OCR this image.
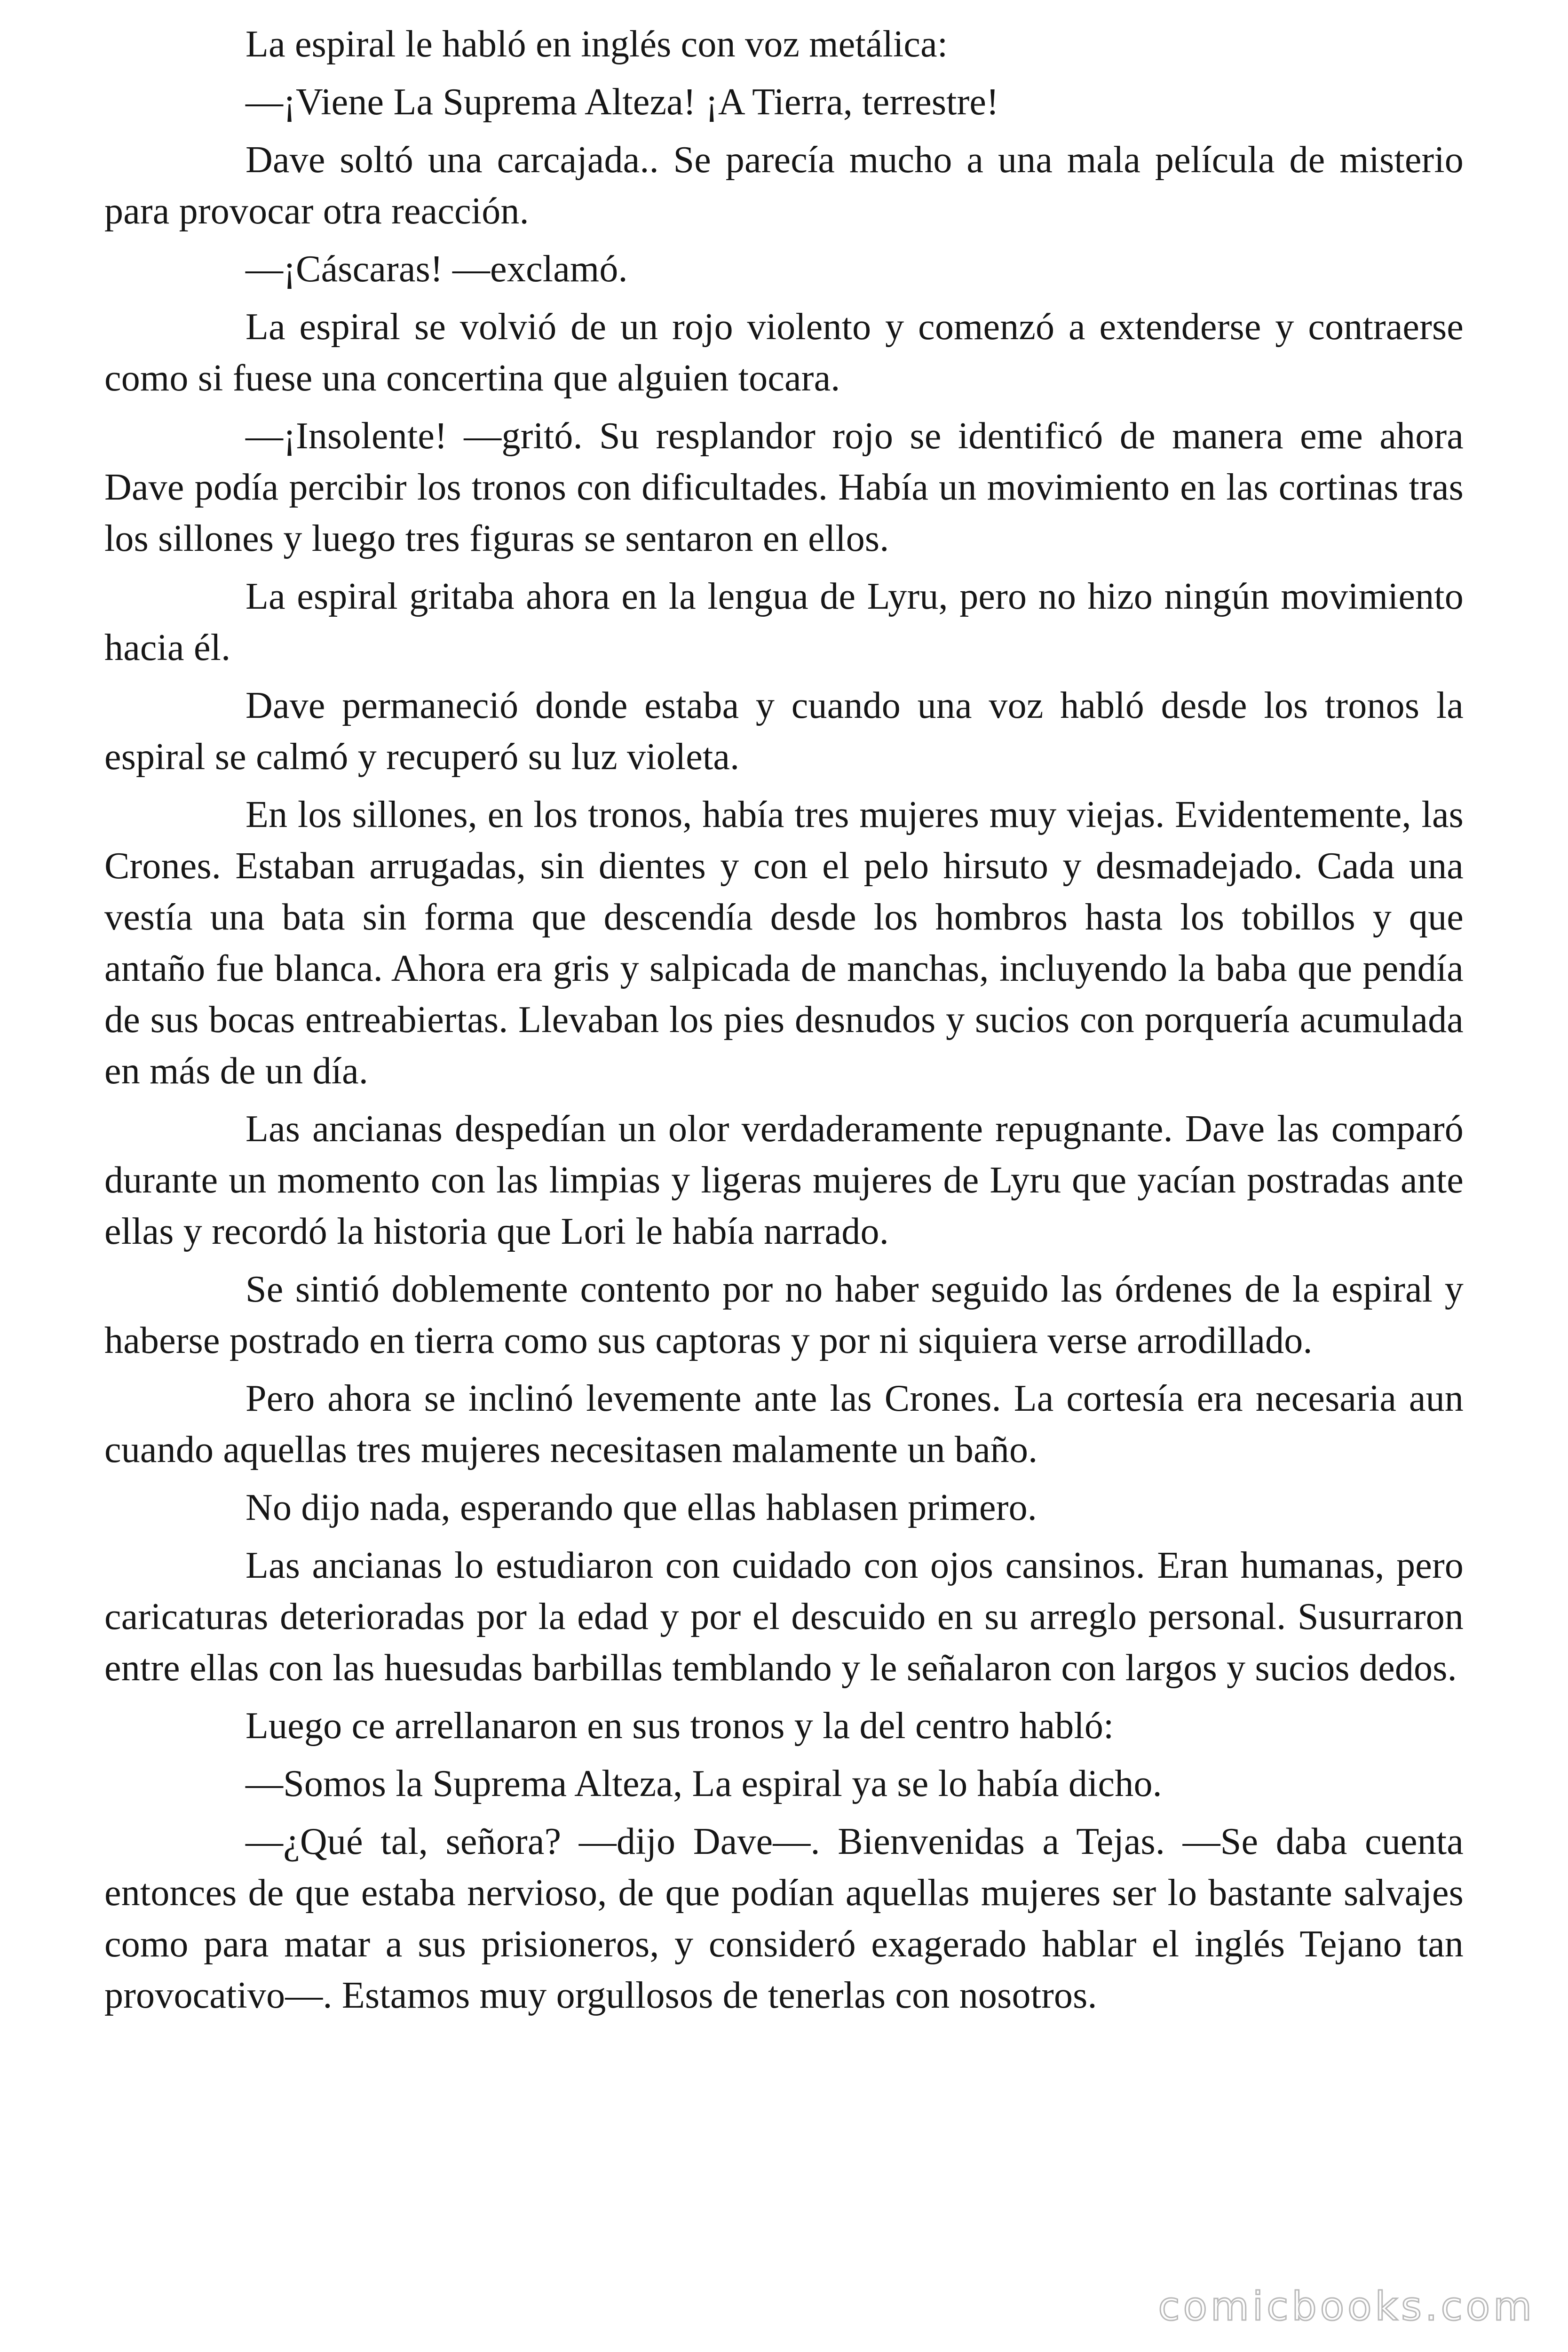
La espiral le habló en inglés con voz metálica:

—¡Viene La Suprema Alteza! ¡A Tierra, terrestre!

Dave soltó una carcajada.. Se parecía mucho a una mala película de misterio para provocar otra reacción.

—¡Cáscaras! —exclamó.

La espiral se volvió de un rojo violento y comenzó a extenderse y contraerse como si fuese una concertina que alguien tocara.

—¡Insolente! —gritó. Su resplandor rojo se identificó de manera eme ahora Dave podía percibir los tronos con dificultades. Había un movimiento en las cortinas tras los sillones y luego tres figuras se sentaron en ellos.

La espiral gritaba ahora en la lengua de Lyru, pero no hizo ningún movimiento hacia él.

Dave permaneció donde estaba y cuando una voz habló desde los tronos la espiral se calmó y recuperó su luz violeta.

En los sillones, en los tronos, había tres mujeres muy viejas. Evidentemente, las Crones. Estaban arrugadas, sin dientes y con el pelo hirsuto y desmadejado. Cada una vestía una bata sin forma que descendía desde los hombros hasta los tobillos y que antaño fue blanca. Ahora era gris y salpicada de manchas, incluyendo la baba que pendía de sus bocas entreabiertas. Llevaban los pies desnudos y sucios con porquería acumulada en más de un día.

Las ancianas despedían un olor verdaderamente repugnante. Dave las comparó durante un momento con las limpias y ligeras mujeres de Lyru que yacían postradas ante ellas y recordó la historia que Lori le había narrado.

Se sintió doblemente contento por no haber seguido las órdenes de la espiral y haberse postrado en tierra como sus captoras y por ni siquiera verse arrodillado.

Pero ahora se inclinó levemente ante las Crones. La cortesía era necesaria aun cuando aquellas tres mujeres necesitasen malamente un baño.

No dijo nada, esperando que ellas hablasen primero.

Las ancianas lo estudiaron con cuidado con ojos cansinos. Eran humanas, pero caricaturas deterioradas por la edad y por el descuido en su arreglo personal. Susurraron entre ellas con las huesudas barbillas temblando y le señalaron con largos y sucios dedos.

Luego ce arrellanaron en sus tronos y la del centro habló:

—Somos la Suprema Alteza, La espiral ya se lo había dicho.

—¿Qué tal, señora? —dijo Dave—. Bienvenidas a Tejas. —Se daba cuenta entonces de que estaba nervioso, de que podían aquellas mujeres ser lo bastante salvajes como para matar a sus prisioneros, y consideró exagerado hablar el inglés Tejano tan provocativo—. Estamos muy orgullosos de tenerlas con nosotros.

comicbooks.com
